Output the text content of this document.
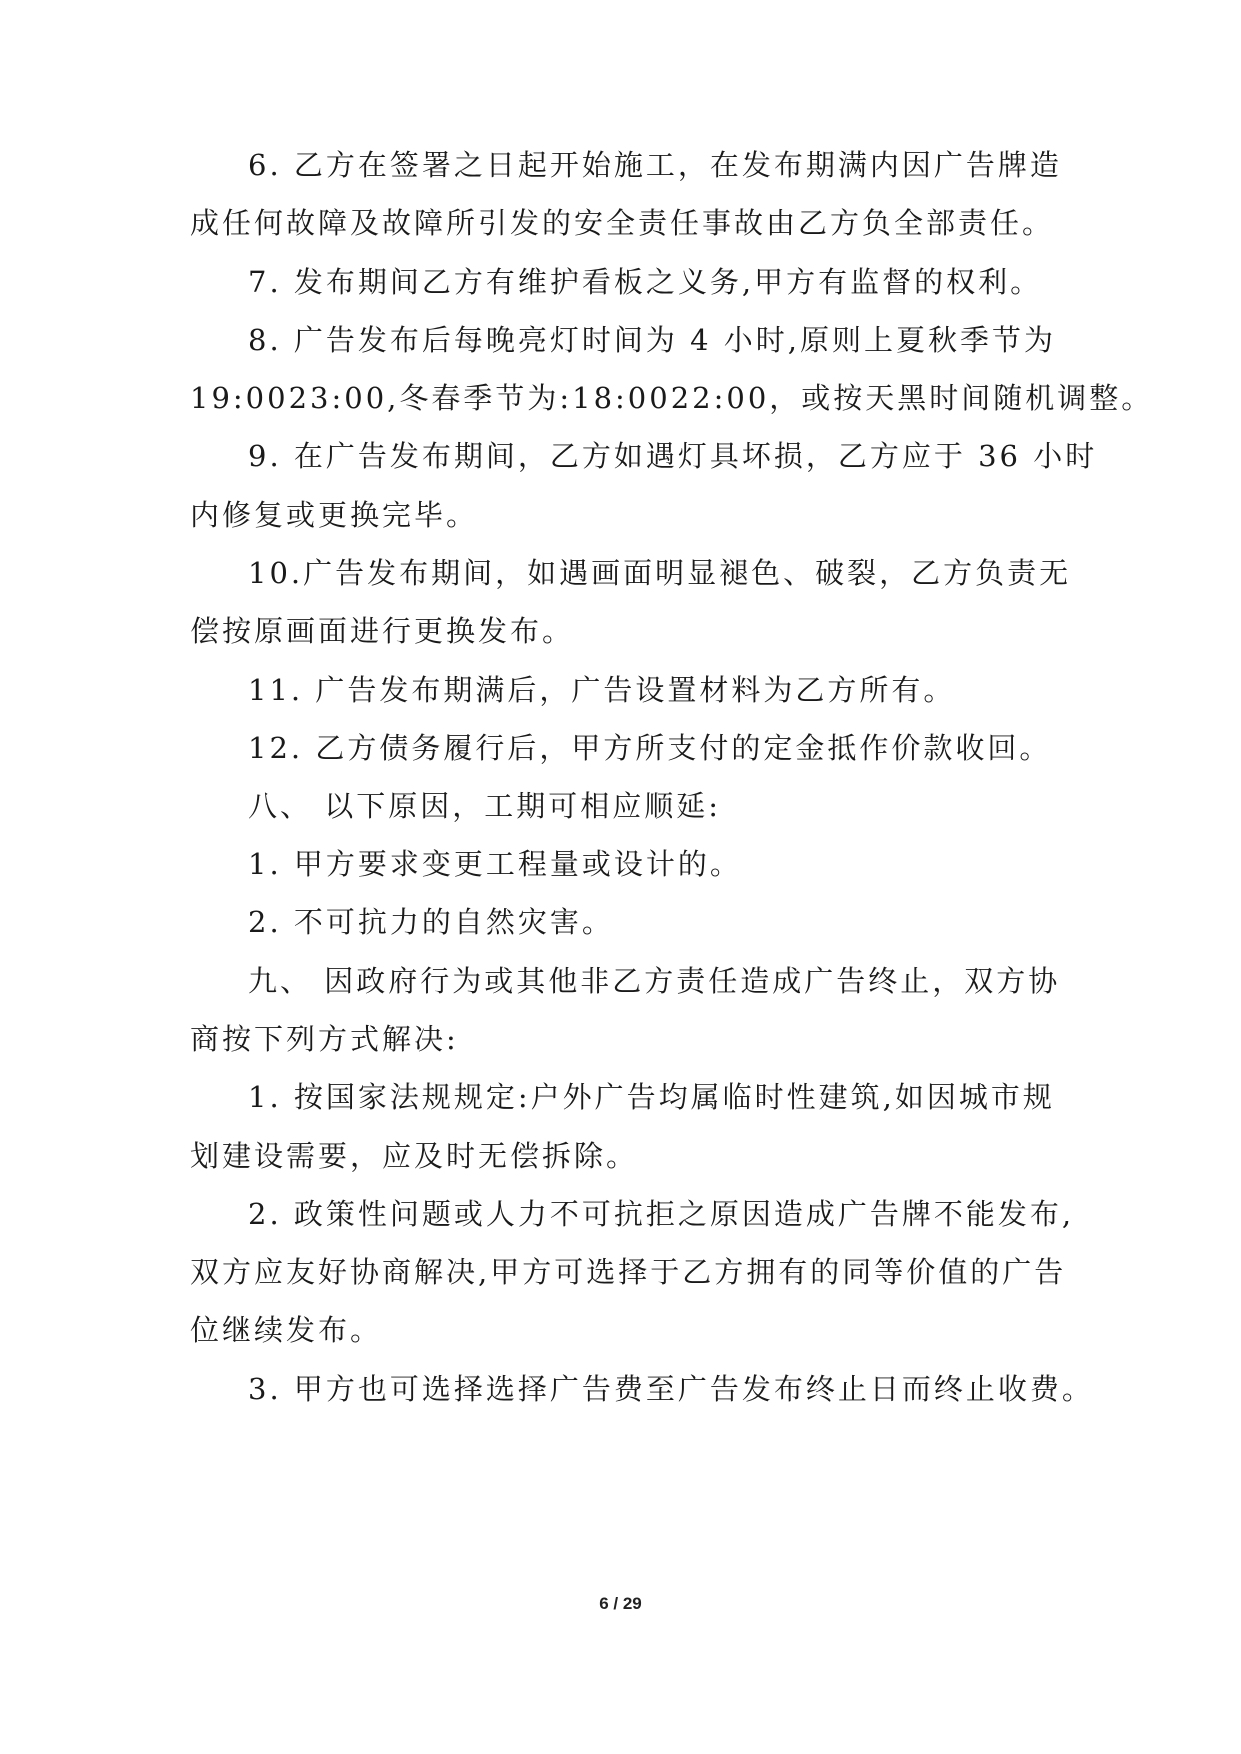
6. 乙方在签署之日起开始施工，在发布期满内因广告牌造
成任何故障及故障所引发的安全责任事故由乙方负全部责任。
7. 发布期间乙方有维护看板之义务,甲方有监督的权利。
8. 广告发布后每晚亮灯时间为 4 小时,原则上夏秋季节为
19:0023:00,冬春季节为:18:0022:00，或按天黑时间随机调整。
9. 在广告发布期间，乙方如遇灯具坏损，乙方应于 36 小时
内修复或更换完毕。
10.广告发布期间，如遇画面明显褪色、破裂，乙方负责无
偿按原画面进行更换发布。
11. 广告发布期满后，广告设置材料为乙方所有。
12. 乙方债务履行后，甲方所支付的定金抵作价款收回。
八、 以下原因，工期可相应顺延:
1. 甲方要求变更工程量或设计的。
2. 不可抗力的自然灾害。
九、 因政府行为或其他非乙方责任造成广告终止，双方协
商按下列方式解决:
1. 按国家法规规定:户外广告均属临时性建筑,如因城市规
划建设需要，应及时无偿拆除。
2. 政策性问题或人力不可抗拒之原因造成广告牌不能发布,
双方应友好协商解决,甲方可选择于乙方拥有的同等价值的广告
位继续发布。
3. 甲方也可选择选择广告费至广告发布终止日而终止收费。
6 / 29
